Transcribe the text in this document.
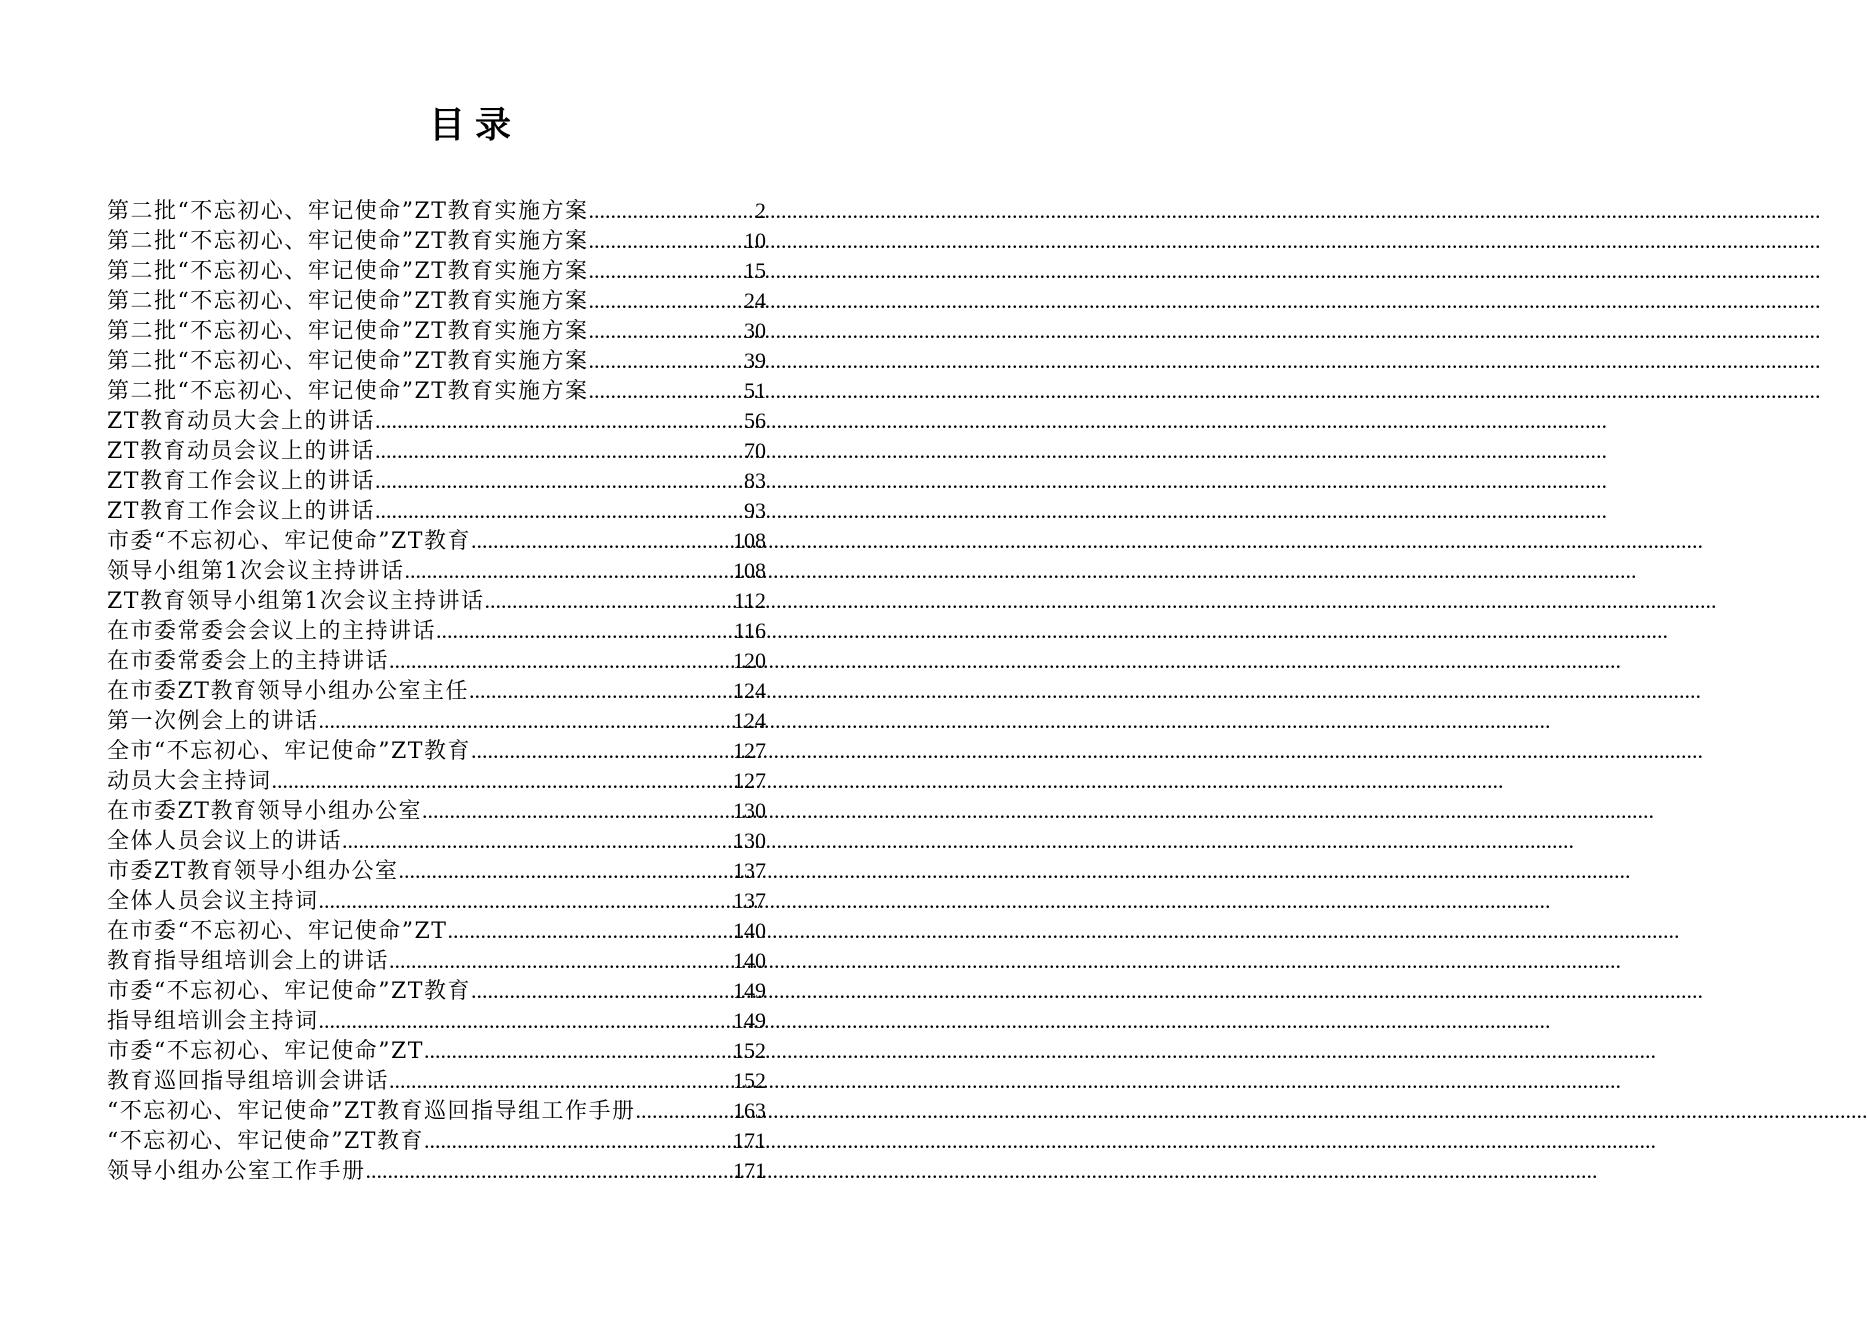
目录
第二批“不忘初心、牢记使命”ZT教育实施方案 .....	2
第二批“不忘初心、牢记使命”ZT教育实施方案 .....	10
第二批“不忘初心、牢记使命”ZT教育实施方案 .....	15
第二批“不忘初心、牢记使命”ZT教育实施方案 .....	24
第二批“不忘初心、牢记使命”ZT教育实施方案 .....	30
第二批“不忘初心、牢记使命”ZT教育实施方案 .....	39
第二批“不忘初心、牢记使命”ZT教育实施方案 .....	51
ZT教育动员大会上的讲话 .....	56
ZT教育动员会议上的讲话 .....	70
ZT教育工作会议上的讲话 .....	83
ZT教育工作会议上的讲话 .....	93
市委“不忘初心、牢记使命”ZT教育 .....	108
领导小组第1次会议主持讲话 .....	108
ZT教育领导小组第1次会议主持讲话 .....	112
在市委常委会会议上的主持讲话 .....	116
在市委常委会上的主持讲话 .....	120
在市委ZT教育领导小组办公室主任 .....	124
第一次例会上的讲话 .....	124
全市“不忘初心、牢记使命”ZT教育 .....	127
动员大会主持词 .....	127
在市委ZT教育领导小组办公室 .....	130
全体人员会议上的讲话 .....	130
市委ZT教育领导小组办公室 .....	137
全体人员会议主持词 .....	137
在市委“不忘初心、牢记使命”ZT .....	140
教育指导组培训会上的讲话 .....	140
市委“不忘初心、牢记使命”ZT教育 .....	149
指导组培训会主持词 .....	149
市委“不忘初心、牢记使命”ZT .....	152
教育巡回指导组培训会讲话 .....	152
“不忘初心、牢记使命”ZT教育巡回指导组工作手册 .....	163
“不忘初心、牢记使命”ZT教育 .....	171
领导小组办公室工作手册 .....	171
